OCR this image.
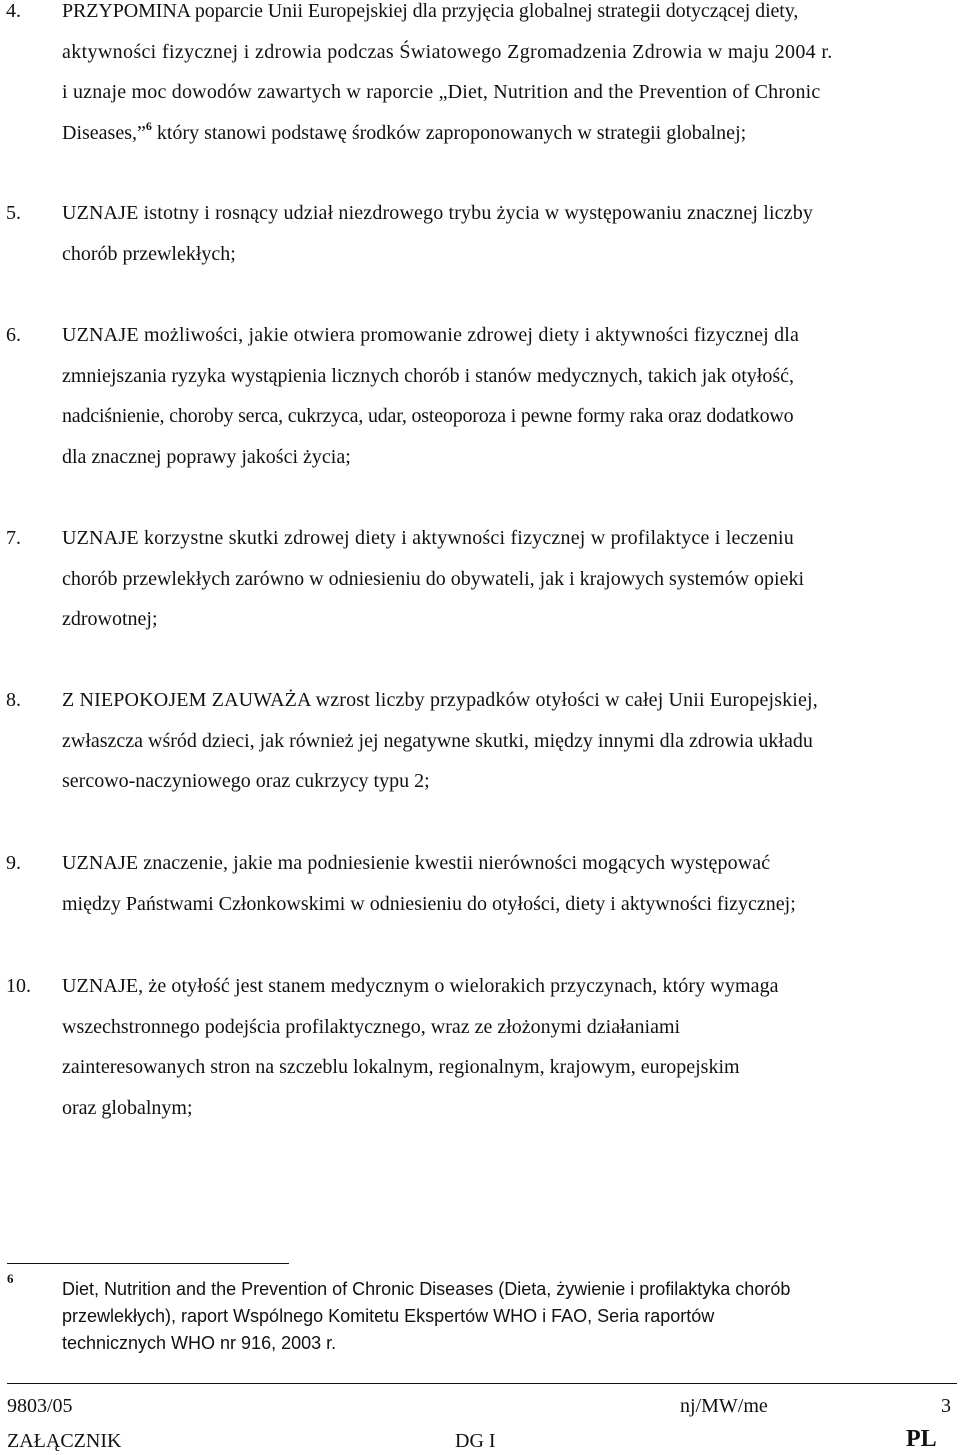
4. PRZYPOMINA poparcie Unii Europejskiej dla przyjęcia globalnej strategii dotyczącej diety,
aktywności fizycznej i zdrowia podczas Światowego Zgromadzenia Zdrowia w maju 2004 r.
i uznaje moc dowodów zawartych w raporcie „Diet, Nutrition and the Prevention of Chronic
Diseases,”$^6$ który stanowi podstawę środków zaproponowanych w strategii globalnej;
5. UZNAJE istotny i rosnący udział niezdrowego trybu życia w występowaniu znacznej liczby
chorób przewlekłych;
6. UZNAJE możliwości, jakie otwiera promowanie zdrowej diety i aktywności fizycznej dla
zmniejszania ryzyka wystąpienia licznych chorób i stanów medycznych, takich jak otyłość,
nadciśnienie, choroby serca, cukrzyca, udar, osteoporoza i pewne formy raka oraz dodatkowo
dla znacznej poprawy jakości życia;
7. UZNAJE korzystne skutki zdrowej diety i aktywności fizycznej w profilaktyce i leczeniu
chorób przewlekłych zarówno w odniesieniu do obywateli, jak i krajowych systemów opieki
zdrowotnej;
8. Z NIEPOKOJEM ZAUWAŻA wzrost liczby przypadków otyłości w całej Unii Europejskiej,
zwłaszcza wśród dzieci, jak również jej negatywne skutki, między innymi dla zdrowia układu
sercowo-naczyniowego oraz cukrzycy typu 2;
9. UZNAJE znaczenie, jakie ma podniesienie kwestii nierówności mogących występować
między Państwami Członkowskimi w odniesieniu do otyłości, diety i aktywności fizycznej;
10. UZNAJE, że otyłość jest stanem medycznym o wielorakich przyczynach, który wymaga
wszechstronnego podejścia profilaktycznego, wraz ze złożonymi działaniami
zainteresowanych stron na szczeblu lokalnym, regionalnym, krajowym, europejskim
oraz globalnym;
6
Diet, Nutrition and the Prevention of Chronic Diseases (Dieta, żywienie i profilaktyka chorób
przewlekłych), raport Wspólnego Komitetu Ekspertów WHO i FAO, Seria raportów
technicznych WHO nr 916, 2003 r.
9803/05	nj/MW/me	3
ZAŁĄCZNIK	DG I	PL
